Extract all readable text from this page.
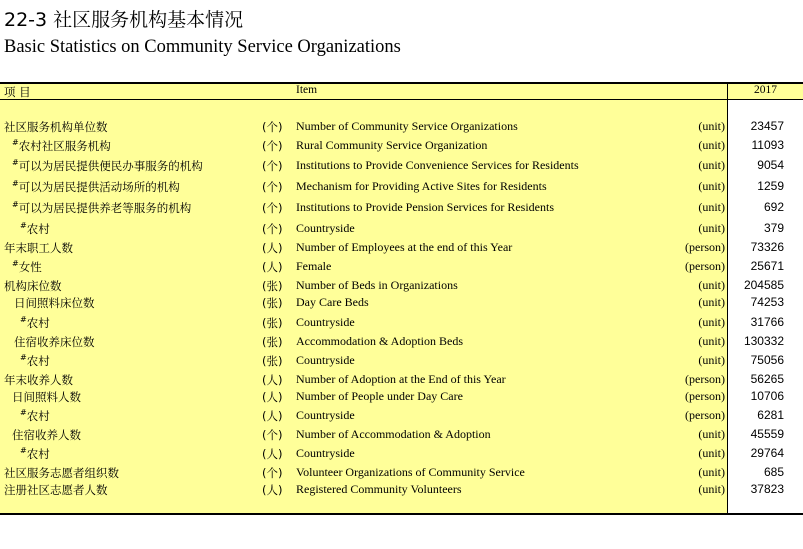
22-3 社区服务机构基本情况
Basic Statistics on Community Service Organizations
项 目	Item	2017
社区服务机构单位数	(个) Number of Community Service Organizations	(unit) 23457
#农村社区服务机构	(个) Rural Community Service Organization	(unit) 11093
#可以为居民提供便民办事服务的机构	(个) Institutions to Provide Convenience Services for Residents	(unit)	9054
#可以为居民提供活动场所的机构	(个) Mechanism for Providing Active Sites for Residents	(unit)	1259
#可以为居民提供养老等服务的机构	(个) Institutions to Provide Pension Services for Residents	(unit)	692
#农村	(个) Countryside	(unit)	379
年末职工人数	(人) Number of Employees at the end of this Year	(person) 73326
#女性	(人) Female	(person) 25671
机构床位数	(张) Number of Beds in Organizations	(unit) 204585
日间照料床位数	(张) Day Care Beds	(unit) 74253
#农村	(张) Countryside	(unit) 31766
住宿收养床位数	(张) Accommodation & Adoption Beds	(unit) 130332
#农村	(张) Countryside	(unit) 75056
年末收养人数	(人) Number of Adoption at the End of this Year	(person) 56265
日间照料人数	(人) Number of People under Day Care	(person) 10706
#农村	(人) Countryside	(person)	6281
住宿收养人数	(个) Number of Accommodation & Adoption	(unit) 45559
#农村	(人) Countryside	(unit) 29764
社区服务志愿者组织数	(个) Volunteer Organizations of Community Service	(unit)	685
注册社区志愿者人数	(人) Registered Community Volunteers	(unit) 37823
